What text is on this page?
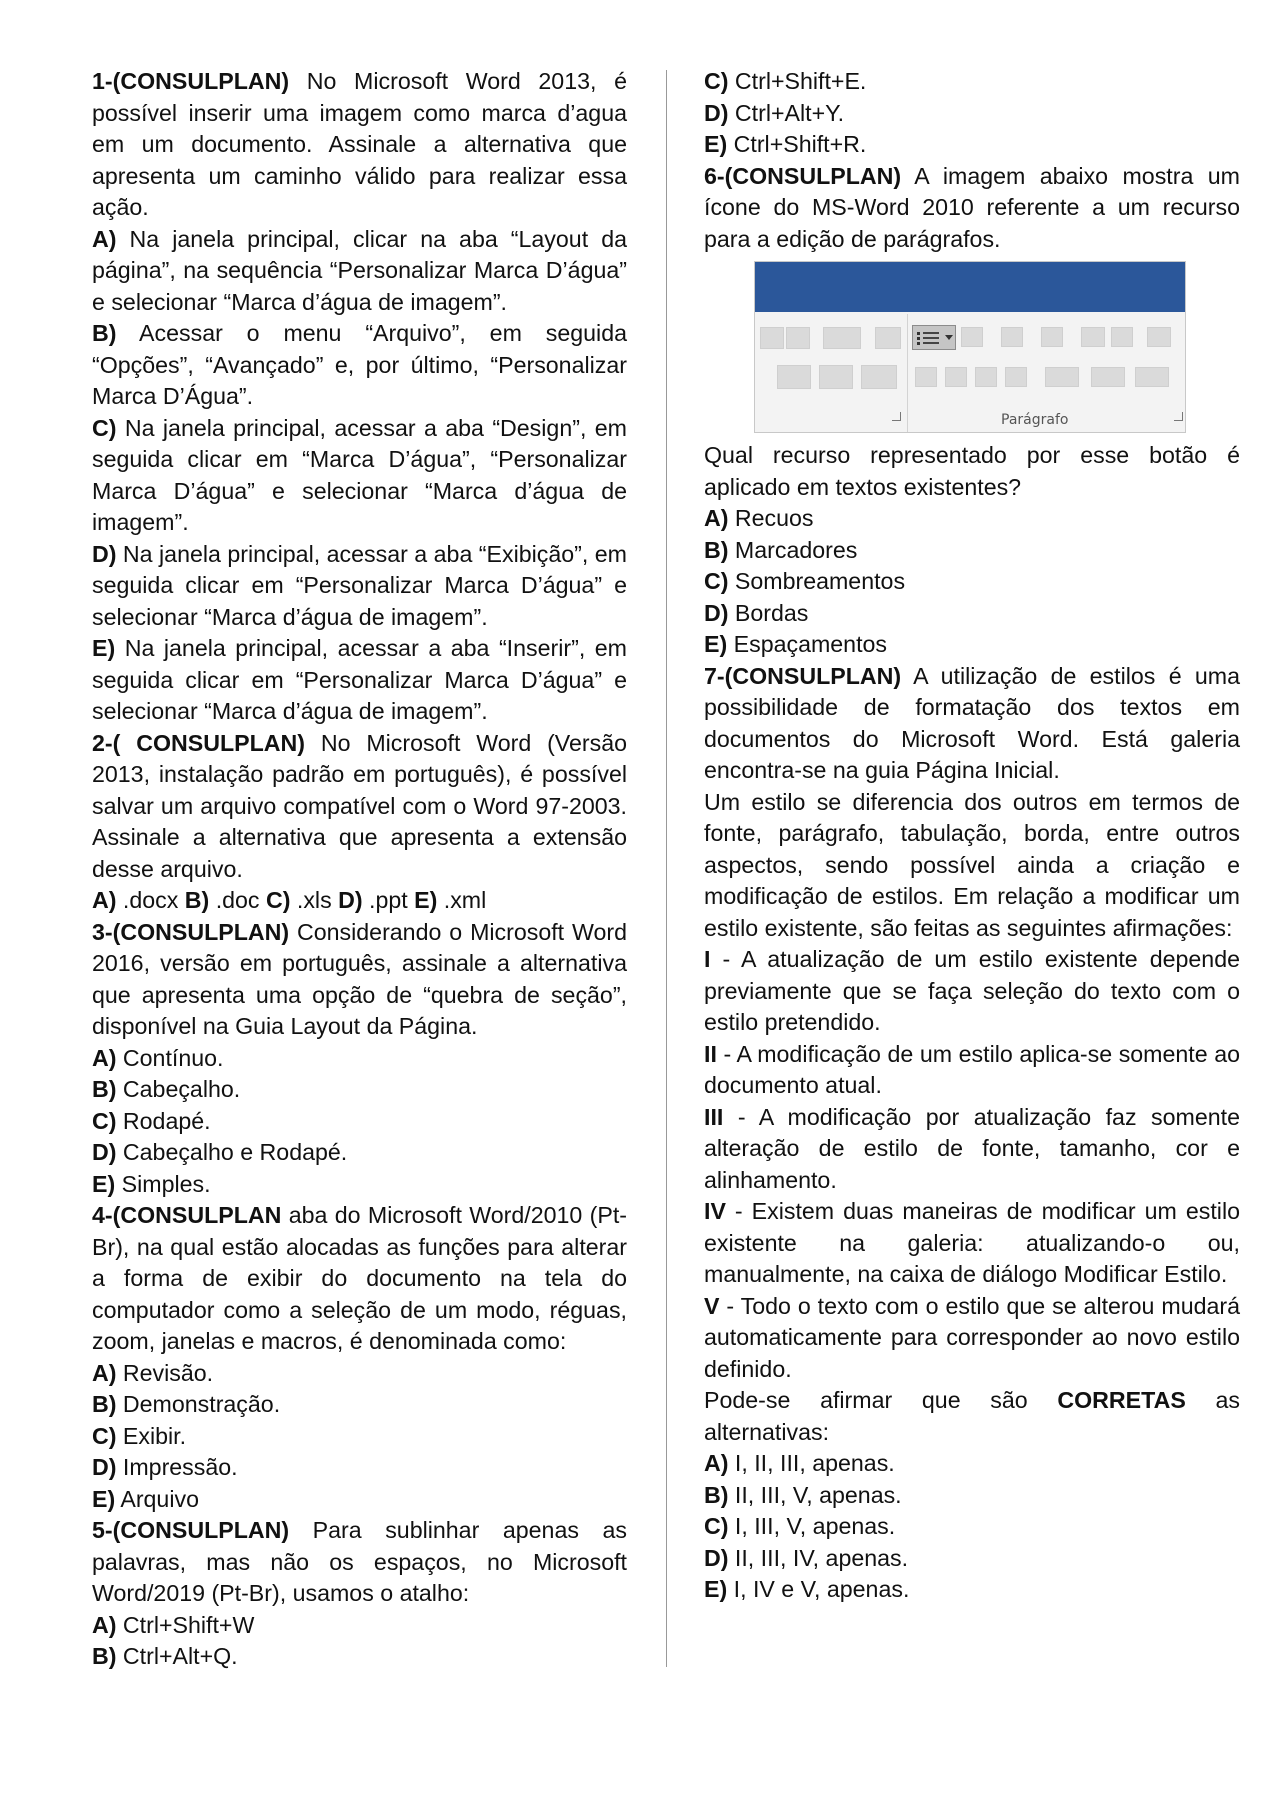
1-(CONSULPLAN) No Microsoft Word 2013, é possível inserir uma imagem como marca d’agua em um documento. Assinale a alternativa que apresenta um caminho válido para realizar essa ação.

A) Na janela principal, clicar na aba “Layout da página”, na sequência “Personalizar Marca D’água” e selecionar “Marca d’água de imagem”.

B) Acessar o menu “Arquivo”, em seguida “Opções”, “Avançado” e, por último, “Personalizar Marca D’Água”.

C) Na janela principal, acessar a aba “Design”, em seguida clicar em “Marca D’água”, “Personalizar Marca D’água” e selecionar “Marca d’água de imagem”.

D) Na janela principal, acessar a aba “Exibição”, em seguida clicar em “Personalizar Marca D’água” e selecionar “Marca d’água de imagem”.

E) Na janela principal, acessar a aba “Inserir”, em seguida clicar em “Personalizar Marca D’água” e selecionar “Marca d’água de imagem”.

2-( CONSULPLAN) No Microsoft Word (Versão 2013, instalação padrão em português), é possível salvar um arquivo compatível com o Word 97-2003. Assinale a alternativa que apresenta a extensão desse arquivo.

A) .docx B) .doc C) .xls D) .ppt E) .xml

3-(CONSULPLAN) Considerando o Microsoft Word 2016, versão em português, assinale a alternativa que apresenta uma opção de “quebra de seção”, disponível na Guia Layout da Página.

A) Contínuo.

B) Cabeçalho.

C) Rodapé.

D) Cabeçalho e Rodapé.

E) Simples.

4-(CONSULPLAN aba do Microsoft Word/2010 (Pt-Br), na qual estão alocadas as funções para alterar a forma de exibir do documento na tela do computador como a seleção de um modo, réguas, zoom, janelas e macros, é denominada como:

A) Revisão.

B) Demonstração.

C) Exibir.

D) Impressão.

E) Arquivo

5-(CONSULPLAN) Para sublinhar apenas as palavras, mas não os espaços, no Microsoft Word/2019 (Pt-Br), usamos o atalho:

A) Ctrl+Shift+W

B) Ctrl+Alt+Q.

C) Ctrl+Shift+E.

D) Ctrl+Alt+Y.

E) Ctrl+Shift+R.

6-(CONSULPLAN) A imagem abaixo mostra um ícone do MS-Word 2010 referente a um recurso para a edição de parágrafos.

Parágrafo

Qual recurso representado por esse botão é aplicado em textos existentes?

A) Recuos

B) Marcadores

C) Sombreamentos

D) Bordas

E) Espaçamentos

7-(CONSULPLAN) A utilização de estilos é uma possibilidade de formatação dos textos em documentos do Microsoft Word. Está galeria encontra-se na guia Página Inicial.

Um estilo se diferencia dos outros em termos de fonte, parágrafo, tabulação, borda, entre outros aspectos, sendo possível ainda a criação e modificação de estilos. Em relação a modificar um estilo existente, são feitas as seguintes afirmações:

I - A atualização de um estilo existente depende previamente que se faça seleção do texto com o estilo pretendido.

II - A modificação de um estilo aplica-se somente ao documento atual.

III - A modificação por atualização faz somente alteração de estilo de fonte, tamanho, cor e alinhamento.

IV - Existem duas maneiras de modificar um estilo existente na galeria: atualizando-o ou, manualmente, na caixa de diálogo Modificar Estilo.

V - Todo o texto com o estilo que se alterou mudará automaticamente para corresponder ao novo estilo definido.

Pode-se afirmar que são CORRETAS as alternativas:

A) I, II, III, apenas.

B) II, III, V, apenas.

C) I, III, V, apenas.

D) II, III, IV, apenas.

E) I, IV e V, apenas.
